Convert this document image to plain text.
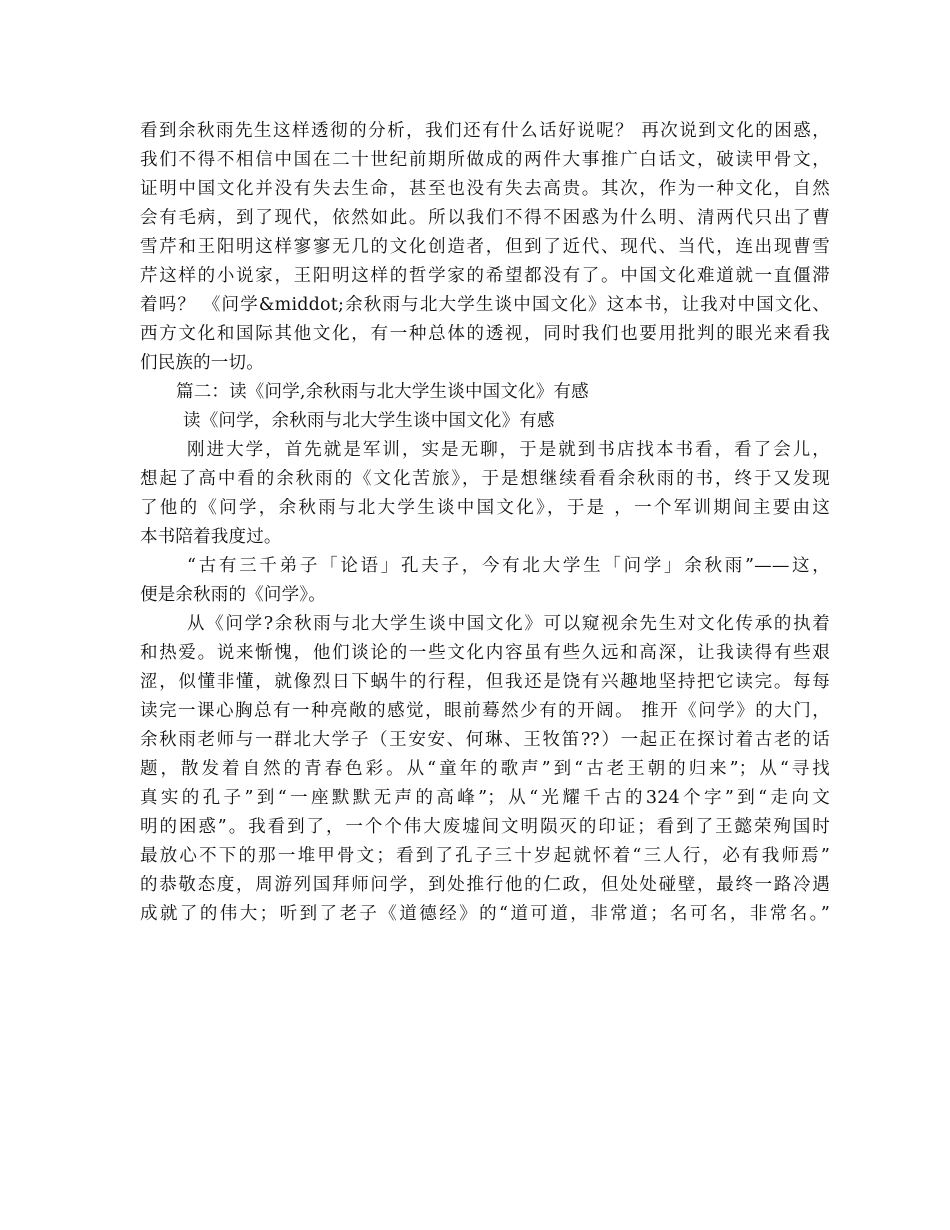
看到余秋雨先生这样透彻的分析，我们还有什么话好说呢？ 再次说到文化的困惑，
我们不得不相信中国在二十世纪前期所做成的两件大事推广白话文，破读甲骨文，
证明中国文化并没有失去生命，甚至也没有失去高贵。其次，作为一种文化，自然
会有毛病，到了现代，依然如此。所以我们不得不困惑为什么明、清两代只出了曹
雪芹和王阳明这样寥寥无几的文化创造者，但到了近代、现代、当代，连出现曹雪
芹这样的小说家，王阳明这样的哲学家的希望都没有了。中国文化难道就一直僵滞
着吗？ 《问学&middot;余秋雨与北大学生谈中国文化》这本书，让我对中国文化、
西方文化和国际其他文化，有一种总体的透视，同时我们也要用批判的眼光来看我
们民族的一切。
篇二：读《问学,余秋雨与北大学生谈中国文化》有感
读《问学，余秋雨与北大学生谈中国文化》有感
刚进大学，首先就是军训，实是无聊，于是就到书店找本书看，看了会儿，
想起了高中看的余秋雨的《文化苦旅》，于是想继续看看余秋雨的书，终于又发现
了他的《问学，余秋雨与北大学生谈中国文化》，于是 ，一个军训期间主要由这
本书陪着我度过。
“古有三千弟子「论语」孔夫子，今有北大学生「问学」余秋雨”——这，
便是余秋雨的《问学》。
从《问学?余秋雨与北大学生谈中国文化》可以窥视余先生对文化传承的执着
和热爱。说来惭愧，他们谈论的一些文化内容虽有些久远和高深，让我读得有些艰
涩，似懂非懂，就像烈日下蜗牛的行程，但我还是饶有兴趣地坚持把它读完。每每
读完一课心胸总有一种亮敞的感觉，眼前蓦然少有的开阔。 推开《问学》的大门，
余秋雨老师与一群北大学子（王安安、何琳、王牧笛??）一起正在探讨着古老的话
题，散发着自然的青春色彩。从“童年的歌声”到“古老王朝的归来”；从“寻找
真实的孔子”到“一座默默无声的高峰”；从“光耀千古的324个字”到“走向文
明的困惑”。我看到了，一个个伟大废墟间文明陨灭的印证；看到了王懿荣殉国时
最放心不下的那一堆甲骨文；看到了孔子三十岁起就怀着“三人行，必有我师焉”
的恭敬态度，周游列国拜师问学，到处推行他的仁政，但处处碰壁，最终一路冷遇
成就了的伟大；听到了老子《道德经》的“道可道，非常道；名可名，非常名。”
